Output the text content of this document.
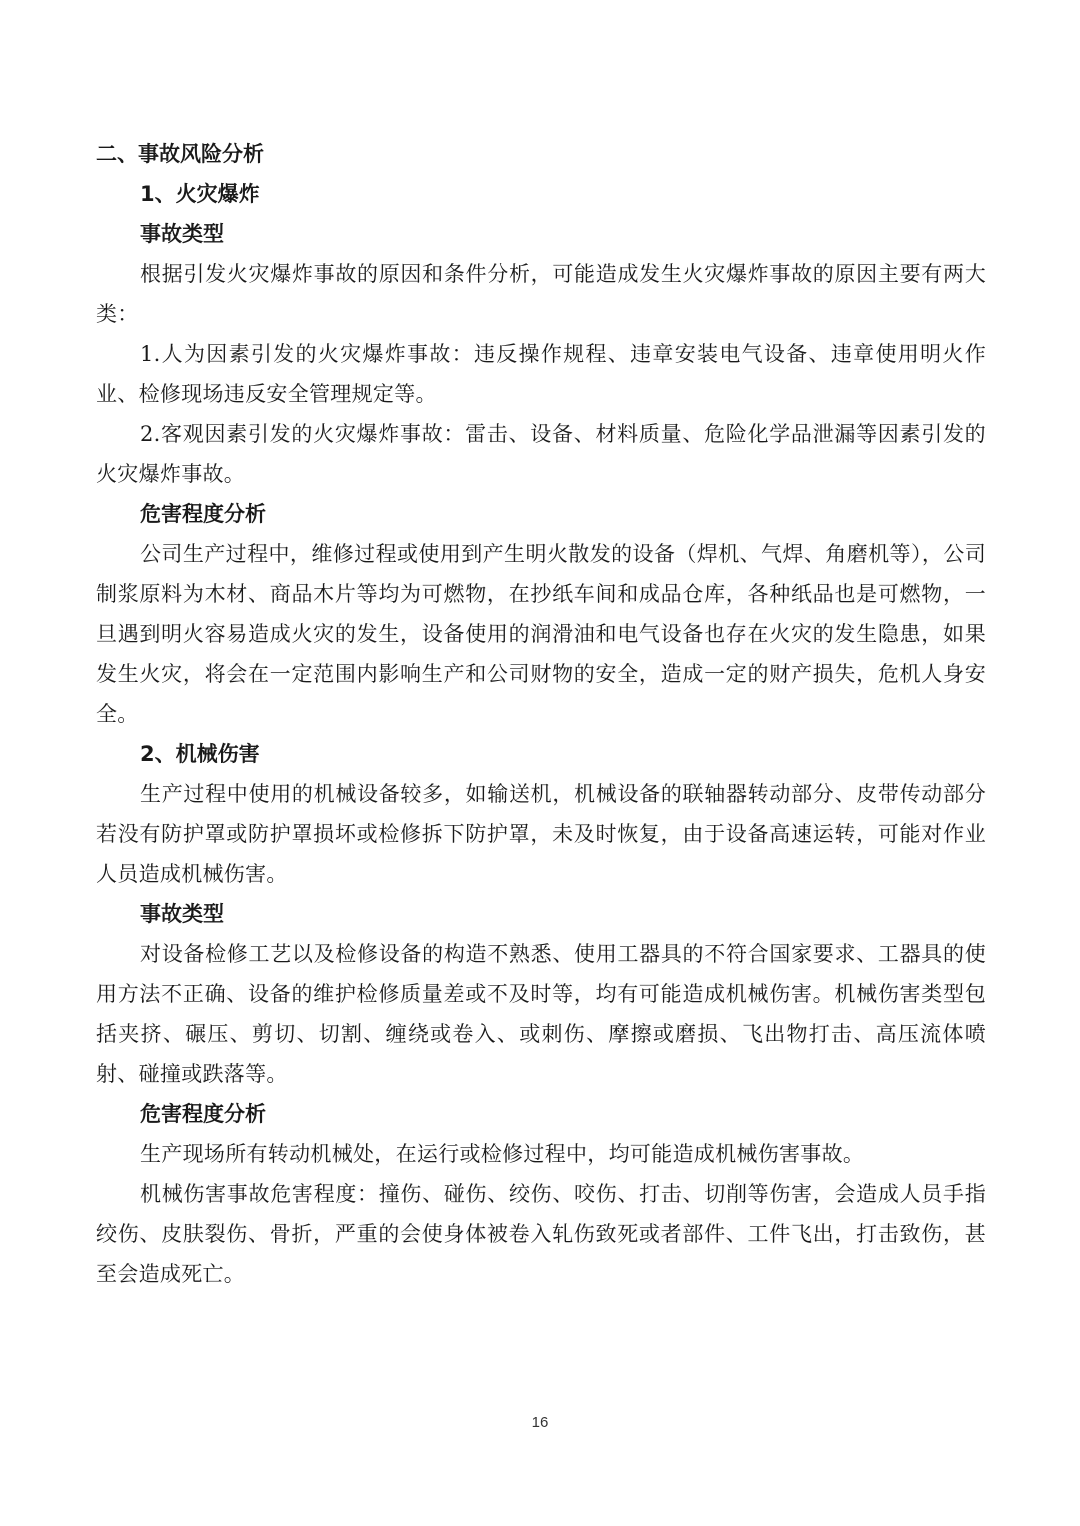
二、事故风险分析

1、火灾爆炸

事故类型

根据引发火灾爆炸事故的原因和条件分析，可能造成发生火灾爆炸事故的原因主要有两大类：

1.人为因素引发的火灾爆炸事故：违反操作规程、违章安装电气设备、违章使用明火作业、检修现场违反安全管理规定等。

2.客观因素引发的火灾爆炸事故：雷击、设备、材料质量、危险化学品泄漏等因素引发的火灾爆炸事故。

危害程度分析

公司生产过程中，维修过程或使用到产生明火散发的设备（焊机、气焊、角磨机等），公司制浆原料为木材、商品木片等均为可燃物，在抄纸车间和成品仓库，各种纸品也是可燃物，一旦遇到明火容易造成火灾的发生，设备使用的润滑油和电气设备也存在火灾的发生隐患，如果发生火灾，将会在一定范围内影响生产和公司财物的安全，造成一定的财产损失，危机人身安全。

2、机械伤害

生产过程中使用的机械设备较多，如输送机，机械设备的联轴器转动部分、皮带传动部分若没有防护罩或防护罩损坏或检修拆下防护罩，未及时恢复，由于设备高速运转，可能对作业人员造成机械伤害。

事故类型

对设备检修工艺以及检修设备的构造不熟悉、使用工器具的不符合国家要求、工器具的使用方法不正确、设备的维护检修质量差或不及时等，均有可能造成机械伤害。机械伤害类型包括夹挤、碾压、剪切、切割、缠绕或卷入、或刺伤、摩擦或磨损、飞出物打击、高压流体喷射、碰撞或跌落等。

危害程度分析

生产现场所有转动机械处，在运行或检修过程中，均可能造成机械伤害事故。

机械伤害事故危害程度：撞伤、碰伤、绞伤、咬伤、打击、切削等伤害，会造成人员手指绞伤、皮肤裂伤、骨折，严重的会使身体被卷入轧伤致死或者部件、工件飞出，打击致伤，甚至会造成死亡。

16
